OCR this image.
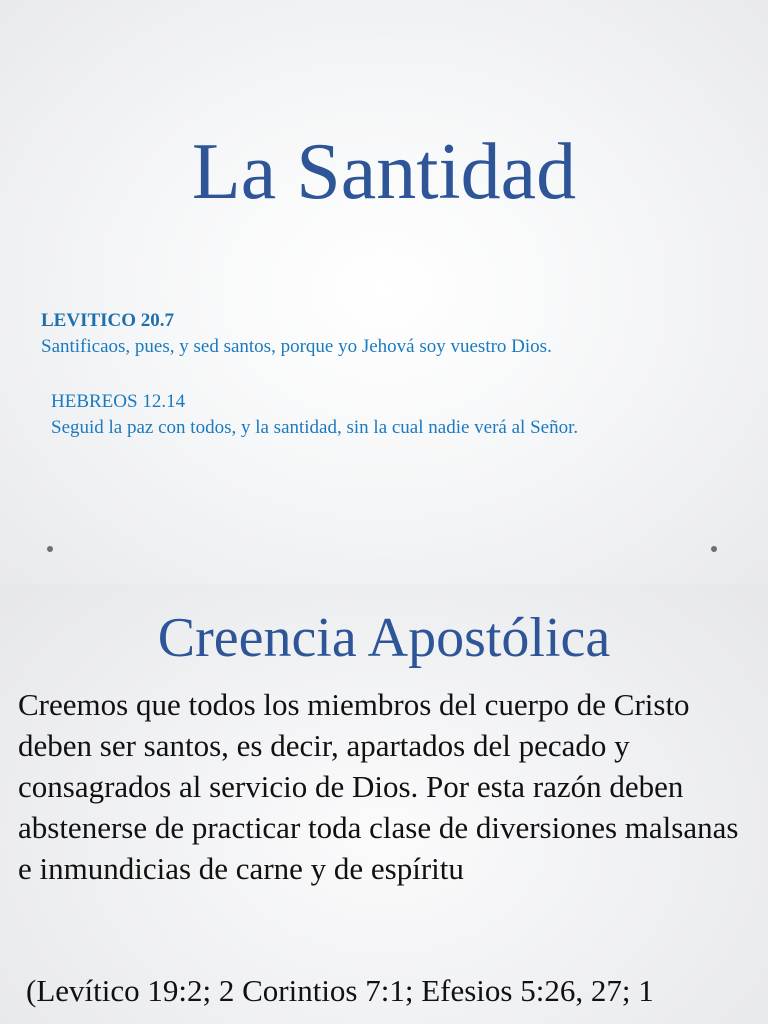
La Santidad
LEVITICO 20.7
Santificaos, pues, y sed santos, porque yo Jehová soy vuestro Dios.
HEBREOS 12.14
Seguid la paz con todos, y la santidad, sin la cual nadie verá al Señor.
Creencia Apostólica
Creemos que todos los miembros del cuerpo de Cristo deben ser santos, es decir, apartados del pecado y consagrados al servicio de Dios. Por esta razón deben abstenerse de practicar toda clase de diversiones malsanas e inmundicias de carne y de espíritu
(Levítico 19:2; 2 Corintios 7:1; Efesios 5:26, 27; 1
